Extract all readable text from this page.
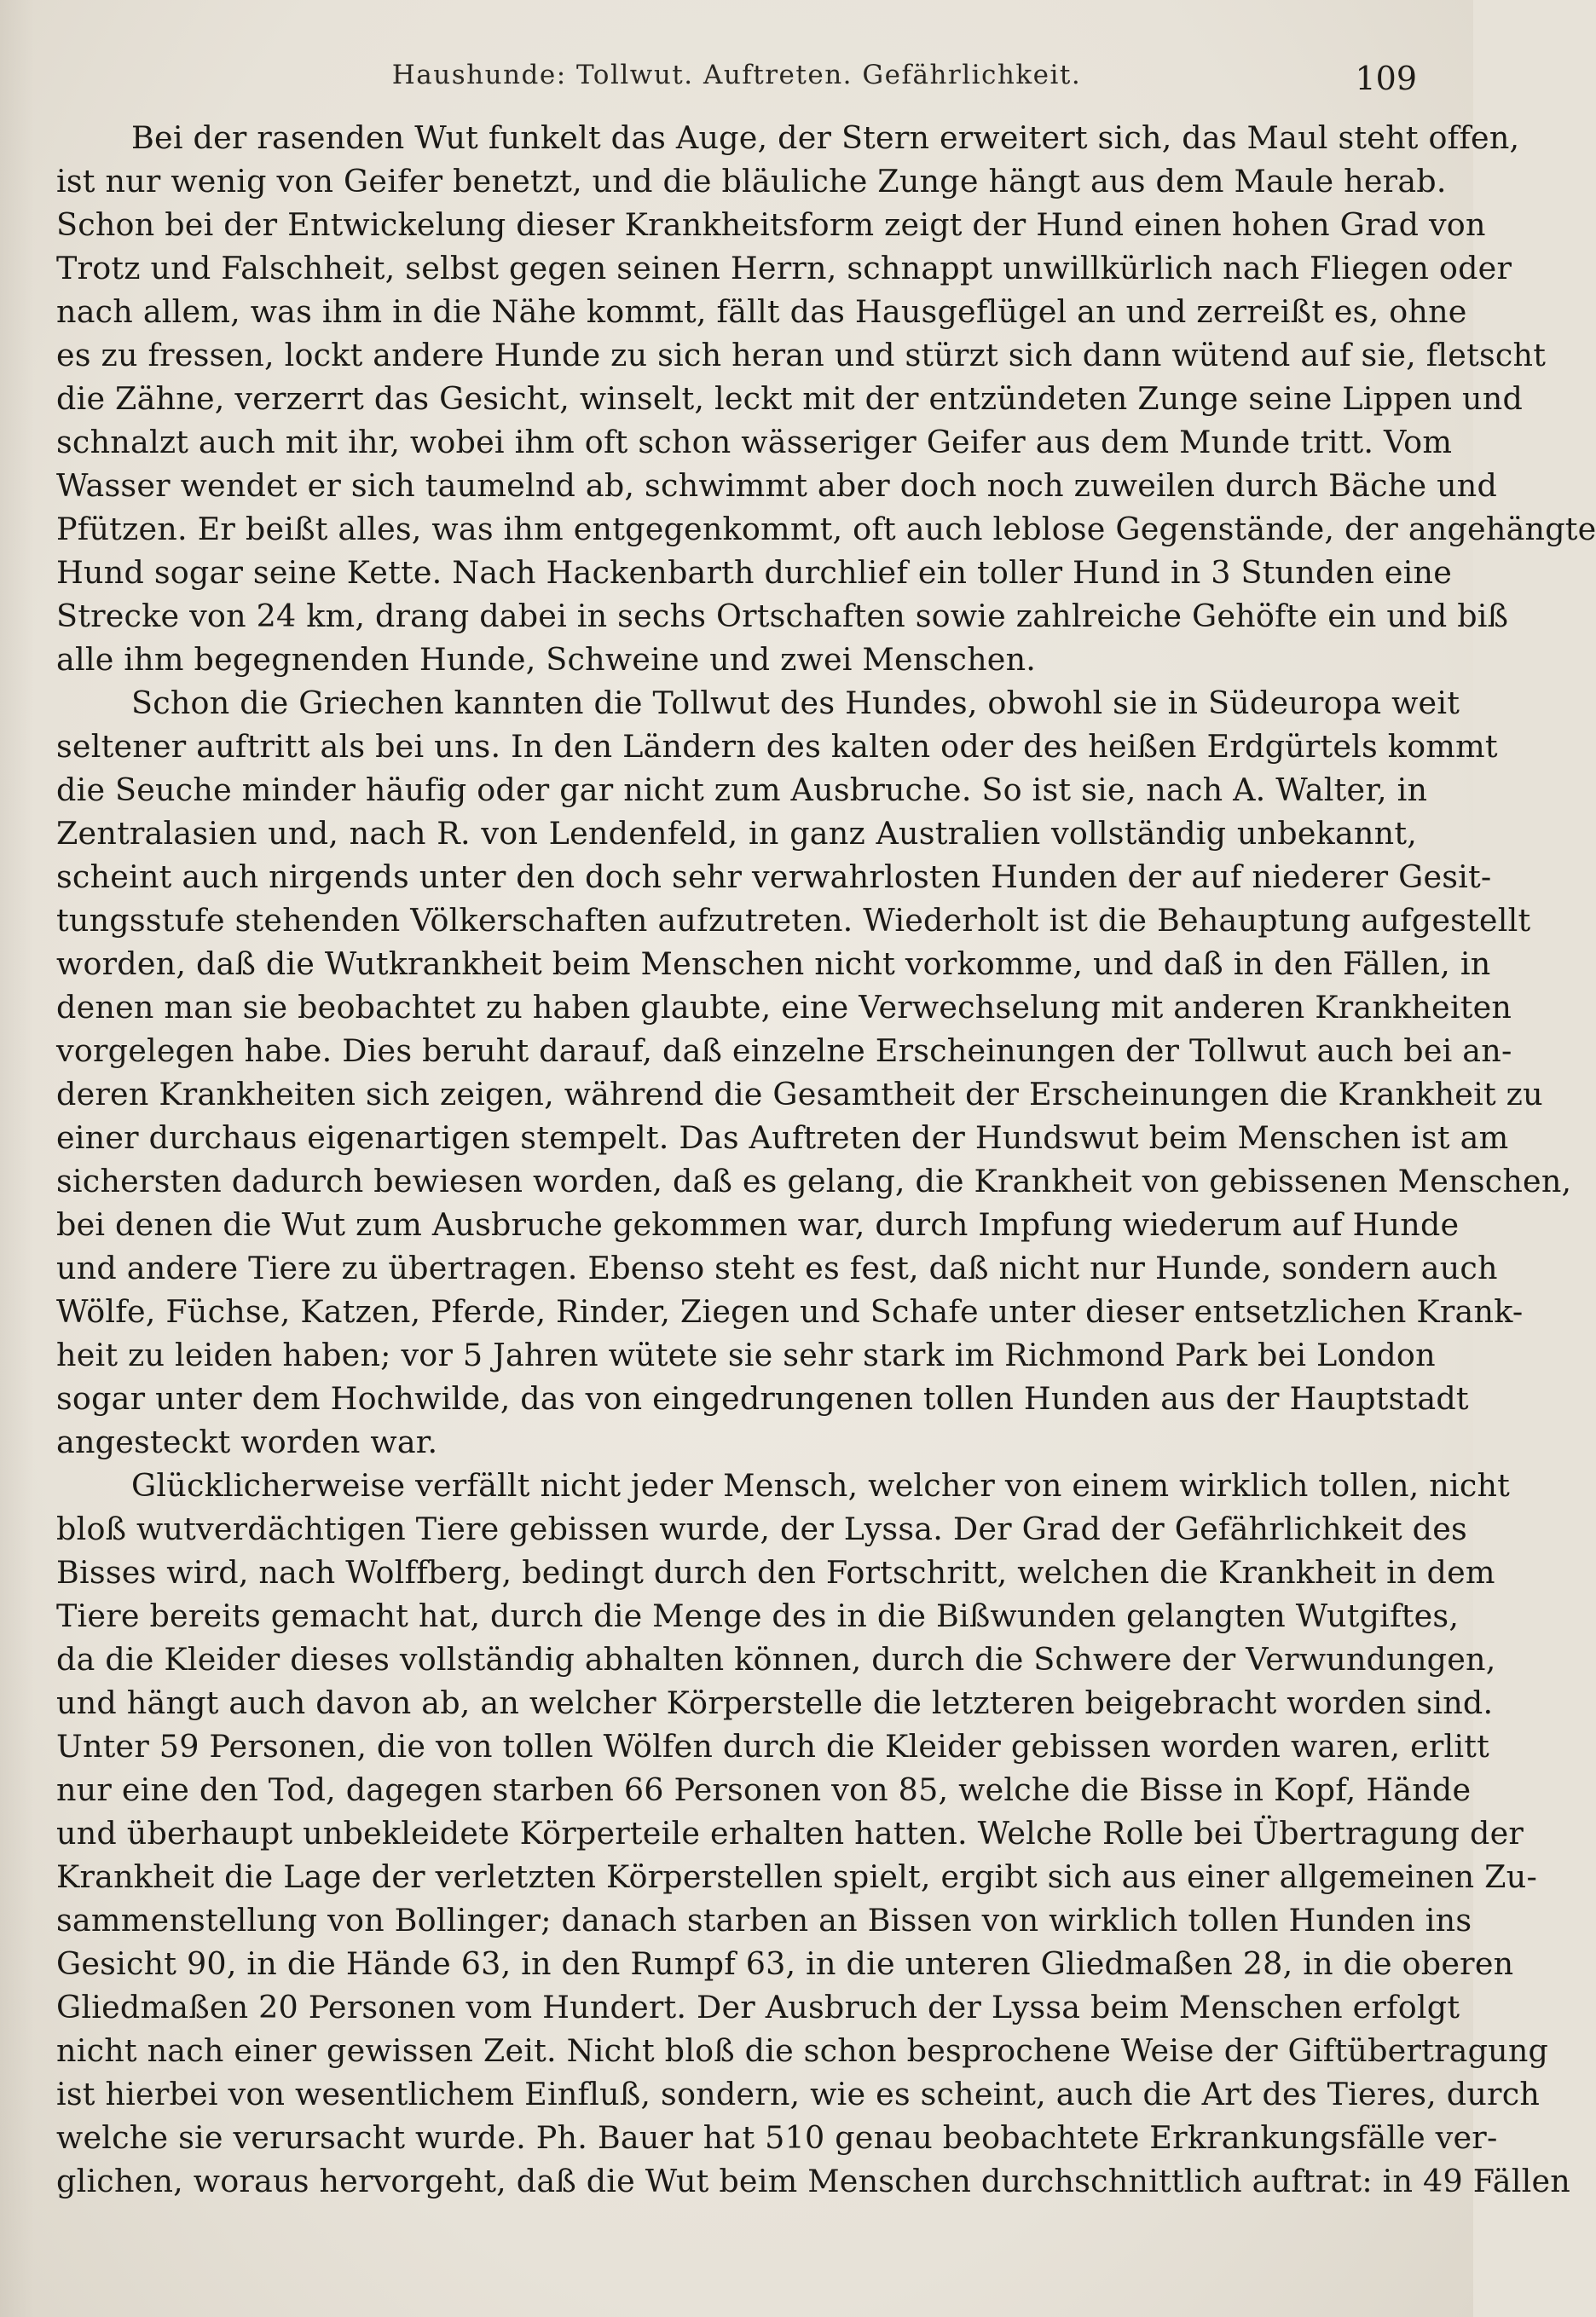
Haushunde: Tollwut. Auftreten. Gefährlichkeit.	109
Bei der rasenden Wut funkelt das Auge, der Stern erweitert sich, das Maul steht offen,
ist nur wenig von Geifer benetzt, und die bläuliche Zunge hängt aus dem Maule herab.
Schon bei der Entwickelung dieser Krankheitsform zeigt der Hund einen hohen Grad von
Trotz und Falschheit, selbst gegen seinen Herrn, schnappt unwillkürlich nach Fliegen oder
nach allem, was ihm in die Nähe kommt, fällt das Hausgeflügel an und zerreißt es, ohne
es zu fressen, lockt andere Hunde zu sich heran und stürzt sich dann wütend auf sie, fletscht
die Zähne, verzerrt das Gesicht, winselt, leckt mit der entzündeten Zunge seine Lippen und
schnalzt auch mit ihr, wobei ihm oft schon wässeriger Geifer aus dem Munde tritt. Vom
Wasser wendet er sich taumelnd ab, schwimmt aber doch noch zuweilen durch Bäche und
Pfützen. Er beißt alles, was ihm entgegenkommt, oft auch leblose Gegenstände, der angehängte
Hund sogar seine Kette. Nach Hackenbarth durchlief ein toller Hund in 3 Stunden eine
Strecke von 24 km, drang dabei in sechs Ortschaften sowie zahlreiche Gehöfte ein und biß
alle ihm begegnenden Hunde, Schweine und zwei Menschen.
Schon die Griechen kannten die Tollwut des Hundes, obwohl sie in Südeuropa weit
seltener auftritt als bei uns. In den Ländern des kalten oder des heißen Erdgürtels kommt
die Seuche minder häufig oder gar nicht zum Ausbruche. So ist sie, nach A. Walter, in
Zentralasien und, nach R. von Lendenfeld, in ganz Australien vollständig unbekannt,
scheint auch nirgends unter den doch sehr verwahrlosten Hunden der auf niederer Gesit-
tungsstufe stehenden Völkerschaften aufzutreten. Wiederholt ist die Behauptung aufgestellt
worden, daß die Wutkrankheit beim Menschen nicht vorkomme, und daß in den Fällen, in
denen man sie beobachtet zu haben glaubte, eine Verwechselung mit anderen Krankheiten
vorgelegen habe. Dies beruht darauf, daß einzelne Erscheinungen der Tollwut auch bei an-
deren Krankheiten sich zeigen, während die Gesamtheit der Erscheinungen die Krankheit zu
einer durchaus eigenartigen stempelt. Das Auftreten der Hundswut beim Menschen ist am
sichersten dadurch bewiesen worden, daß es gelang, die Krankheit von gebissenen Menschen,
bei denen die Wut zum Ausbruche gekommen war, durch Impfung wiederum auf Hunde
und andere Tiere zu übertragen. Ebenso steht es fest, daß nicht nur Hunde, sondern auch
Wölfe, Füchse, Katzen, Pferde, Rinder, Ziegen und Schafe unter dieser entsetzlichen Krank-
heit zu leiden haben; vor 5 Jahren wütete sie sehr stark im Richmond Park bei London
sogar unter dem Hochwilde, das von eingedrungenen tollen Hunden aus der Hauptstadt
angesteckt worden war.
Glücklicherweise verfällt nicht jeder Mensch, welcher von einem wirklich tollen, nicht
bloß wutverdächtigen Tiere gebissen wurde, der Lyssa. Der Grad der Gefährlichkeit des
Bisses wird, nach Wolffberg, bedingt durch den Fortschritt, welchen die Krankheit in dem
Tiere bereits gemacht hat, durch die Menge des in die Bißwunden gelangten Wutgiftes,
da die Kleider dieses vollständig abhalten können, durch die Schwere der Verwundungen,
und hängt auch davon ab, an welcher Körperstelle die letzteren beigebracht worden sind.
Unter 59 Personen, die von tollen Wölfen durch die Kleider gebissen worden waren, erlitt
nur eine den Tod, dagegen starben 66 Personen von 85, welche die Bisse in Kopf, Hände
und überhaupt unbekleidete Körperteile erhalten hatten. Welche Rolle bei Übertragung der
Krankheit die Lage der verletzten Körperstellen spielt, ergibt sich aus einer allgemeinen Zu-
sammenstellung von Bollinger; danach starben an Bissen von wirklich tollen Hunden ins
Gesicht 90, in die Hände 63, in den Rumpf 63, in die unteren Gliedmaßen 28, in die oberen
Gliedmaßen 20 Personen vom Hundert. Der Ausbruch der Lyssa beim Menschen erfolgt
nicht nach einer gewissen Zeit. Nicht bloß die schon besprochene Weise der Giftübertragung
ist hierbei von wesentlichem Einfluß, sondern, wie es scheint, auch die Art des Tieres, durch
welche sie verursacht wurde. Ph. Bauer hat 510 genau beobachtete Erkrankungsfälle ver-
glichen, woraus hervorgeht, daß die Wut beim Menschen durchschnittlich auftrat: in 49 Fällen
